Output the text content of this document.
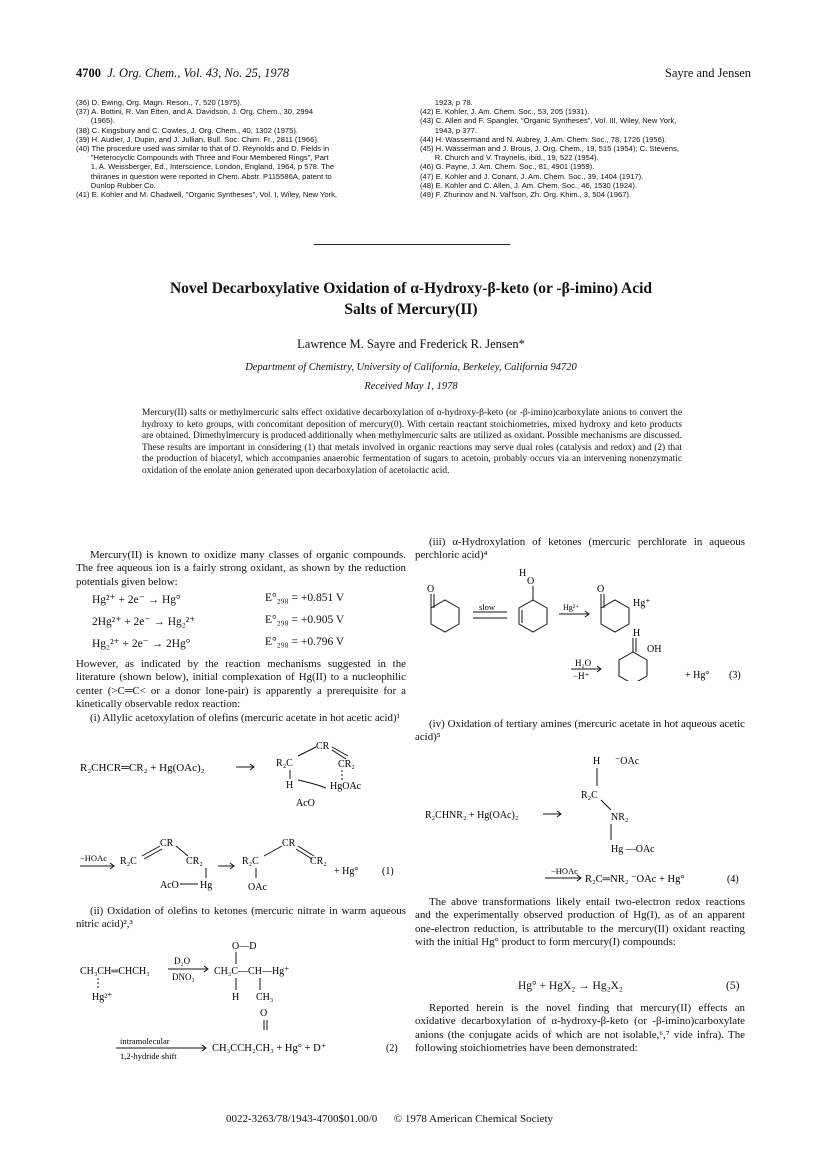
4700 J. Org. Chem., Vol. 43, No. 25, 1978	Sayre and Jensen
(36) D. Ewing, Org. Magn. Reson., 7, 520 (1975).
(37) A. Bottini, R. Van Etten, and A. Davidson, J. Org. Chem., 30, 2994
(1965).
(38) C. Kingsbury and C. Cowles, J. Org. Chem., 40, 1302 (1975).
(39) H. Audier, J. Dupin, and J. Jullian, Bull. Soc. Chim. Fr., 2811 (1966).
(40) The procedure used was similar to that of D. Reynolds and D. Fields in
"Heterocyclic Compounds with Three and Four Membered Rings", Part
1, A. Weissberger, Ed., Interscience, London, England, 1964, p 578. The
thiiranes in question were reported in Chem. Abstr. P115586A, patent to
Dunlop Rubber Co.
(41) E. Kohler and M. Chadwell, "Organic Syntheses", Vol. I, Wiley, New York,
1923, p 78.
(42) E. Kohler, J. Am. Chem. Soc., 53, 205 (1931).
(43) C. Allen and F. Spangler, "Organic Syntheses", Vol. III, Wiley, New York,
1943, p 377.
(44) H. Wassermand and N. Aubrey, J. Am. Chem. Soc., 78, 1726 (1956).
(45) H. Wasserman and J. Brous, J. Org. Chem., 19, 515 (1954); C. Stevens,
R. Church and V. Traynelis, ibid., 19, 522 (1954).
(46) G. Payne, J. Am. Chem. Soc., 81, 4901 (1959).
(47) E. Kohler and J. Conant, J. Am. Chem. Soc., 39, 1404 (1917).
(48) E. Kohler and C. Allen, J. Am. Chem. Soc., 46, 1530 (1924).
(49) F. Zhurinov and N. Val'fson, Zh. Org. Khim., 3, 504 (1967).
Novel Decarboxylative Oxidation of α-Hydroxy-β-keto (or -β-imino) Acid
Salts of Mercury(II)
Lawrence M. Sayre and Frederick R. Jensen*
Department of Chemistry, University of California, Berkeley, California 94720
Received May 1, 1978
Mercury(II) salts or methylmercuric salts effect oxidative decarboxylation of α-hydroxy-β-keto (or -β-imino)carboxylate anions to convert the hydroxy to keto groups, with concomitant deposition of mercury(0). With certain reactant stoichiometries, mixed hydroxy and keto products are obtained. Dimethylmercury is produced additionally when methylmercuric salts are utilized as oxidant. Possible mechanisms are discussed. These results are important in considering (1) that metals involved in organic reactions may serve dual roles (catalysis and redox) and (2) that the production of biacetyl, which accompanies anaerobic fermentation of sugars to acetoin, probably occurs via an intervening nonenzymatic oxidation of the enolate anion generated upon decarboxylation of acetolactic acid.
Mercury(II) is known to oxidize many classes of organic compounds. The free aqueous ion is a fairly strong oxidant, as shown by the reduction potentials given below:
Hg²⁺ + 2e⁻ → Hg°	E°₂₉₈ = +0.851 V
2Hg²⁺ + 2e⁻ → Hg₂²⁺	E°₂₉₈ = +0.905 V
Hg₂²⁺ + 2e⁻ → 2Hg°	E°₂₉₈ = +0.796 V
However, as indicated by the reaction mechanisms suggested in the literature (shown below), initial complexation of Hg(II) to a nucleophilic center (>C═C< or a donor lone-pair) is apparently a prerequisite for a kinetically observable redox reaction:
(i) Allylic acetoxylation of olefins (mercuric acetate in hot acetic acid)¹
R₂CHCR═CR₂ + Hg(OAc)₂	R₂C
CR
CR₂
H	HgOAc
AcO
−HOAc R₂C
CR
CR₂
AcO Hg
R₂C
CR
CR₂
OAc
+ Hg° (1)
(ii) Oxidation of olefins to ketones (mercuric nitrate in warm aqueous nitric acid)²,³
CH₃CH═CHCH₃
Hg²⁺
D₂O
DNO₃ CH₃C—CH—Hg⁺
O—D
H CH₃
O
intramolecular
1,2-hydride shift
CH₃CCH₂CH₃ + Hg° + D⁺	(2)
(iii) α-Hydroxylation of ketones (mercuric perchlorate in aqueous perchloric acid)⁴
O
slow
O
H
Hg²⁺
O
Hg⁺
H
H₂O
−H⁺
OH
+ Hg° (3)
(iv) Oxidation of tertiary amines (mercuric acetate in hot aqueous acetic acid)⁵
R₂CHNR₂ + Hg(OAc)₂
H ⁻OAc
R₂C
NR₂
Hg —OAc
−HOAc
R₂C═NR₂ ⁻OAc + Hg°	(4)
The above transformations likely entail two-electron redox reactions and the experimentally observed production of Hg(I), as of an apparent one-electron reduction, is attributable to the mercury(II) oxidant reacting with the initial Hg° product to form mercury(I) compounds:
Hg° + HgX₂ → Hg₂X₂	(5)
Reported herein is the novel finding that mercury(II) effects an oxidative decarboxylation of α-hydroxy-β-keto (or -β-imino)carboxylate anions (the conjugate acids of which are not isolable,⁶,⁷ vide infra). The following stoichiometries have been demonstrated:
0022-3263/78/1943-4700$01.00/0 © 1978 American Chemical Society
